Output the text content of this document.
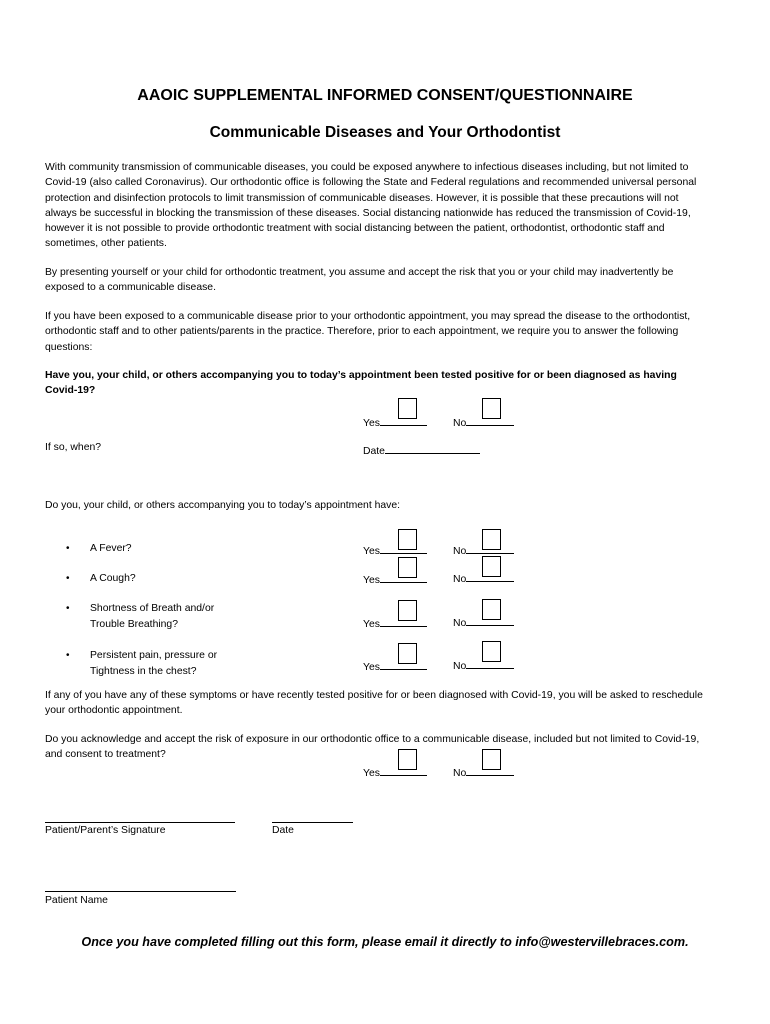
AAOIC SUPPLEMENTAL INFORMED CONSENT/QUESTIONNAIRE
Communicable Diseases and Your Orthodontist
With community transmission of communicable diseases, you could be exposed anywhere to infectious diseases including, but not limited to Covid-19 (also called Coronavirus). Our orthodontic office is following the State and Federal regulations and recommended universal personal protection and disinfection protocols to limit transmission of communicable diseases. However, it is possible that these precautions will not always be successful in blocking the transmission of these diseases. Social distancing nationwide has reduced the transmission of Covid-19, however it is not possible to provide orthodontic treatment with social distancing between the patient, orthodontist, orthodontic staff and sometimes, other patients.
By presenting yourself or your child for orthodontic treatment, you assume and accept the risk that you or your child may inadvertently be exposed to a communicable disease.
If you have been exposed to a communicable disease prior to your orthodontic appointment, you may spread the disease to the orthodontist, orthodontic staff and to other patients/parents in the practice. Therefore, prior to each appointment, we require you to answer the following questions:
Have you, your child, or others accompanying you to today’s appointment been tested positive for or been diagnosed as having Covid-19?
Yes	No
If so, when?	Date
Do you, your child, or others accompanying you to today’s appointment have:
• A Fever?	Yes	No
• A Cough?	Yes	No
• Shortness of Breath and/or Trouble Breathing?	Yes	No
• Persistent pain, pressure or Tightness in the chest?	Yes	No
If any of you have any of these symptoms or have recently tested positive for or been diagnosed with Covid-19, you will be asked to reschedule your orthodontic appointment.
Do you acknowledge and accept the risk of exposure in our orthodontic office to a communicable disease, included but not limited to Covid-19, and consent to treatment?
Yes	No
Patient/Parent’s Signature	Date
Patient Name
Once you have completed filling out this form, please email it directly to info@westervillebraces.com.
